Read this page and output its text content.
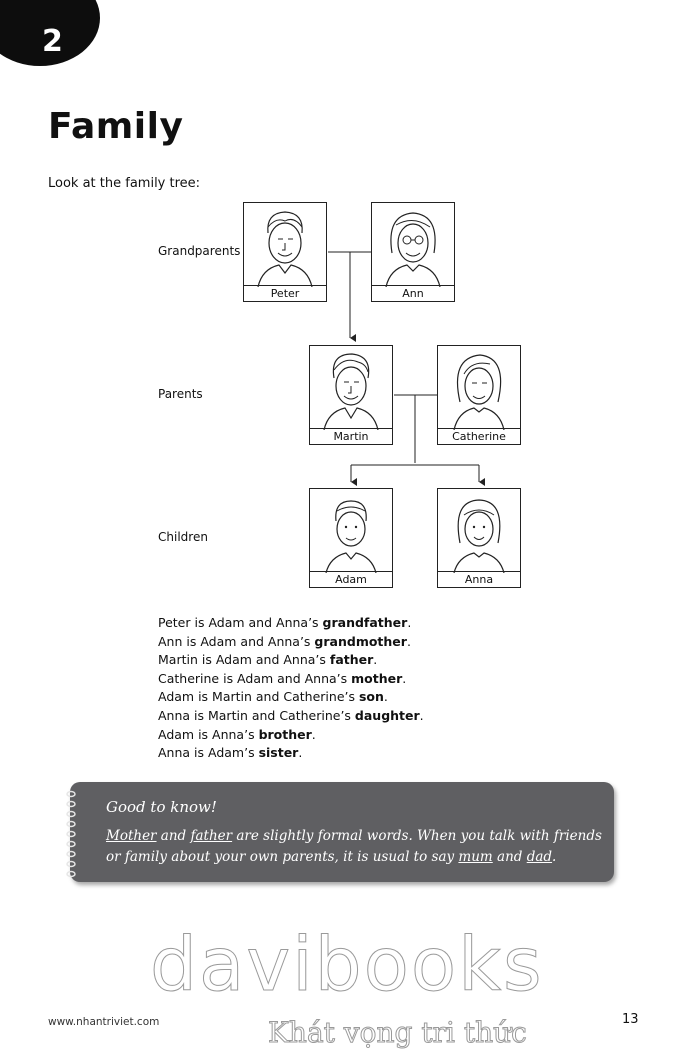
2
Family
Look at the family tree:
Grandparents
Parents
Children
Peter	Ann
Martin	Catherine
Adam	Anna
Peter is Adam and Anna’s grandfather.
Ann is Adam and Anna’s grandmother.
Martin is Adam and Anna’s father.
Catherine is Adam and Anna’s mother.
Adam is Martin and Catherine’s son.
Anna is Martin and Catherine’s daughter.
Adam is Anna’s brother.
Anna is Adam’s sister.
Good to know!
Mother and father are slightly formal words. When you talk with friends or family about your own parents, it is usual to say mum and dad.
davibooks
Khát vọng tri thức
www.nhantriviet.com	13
